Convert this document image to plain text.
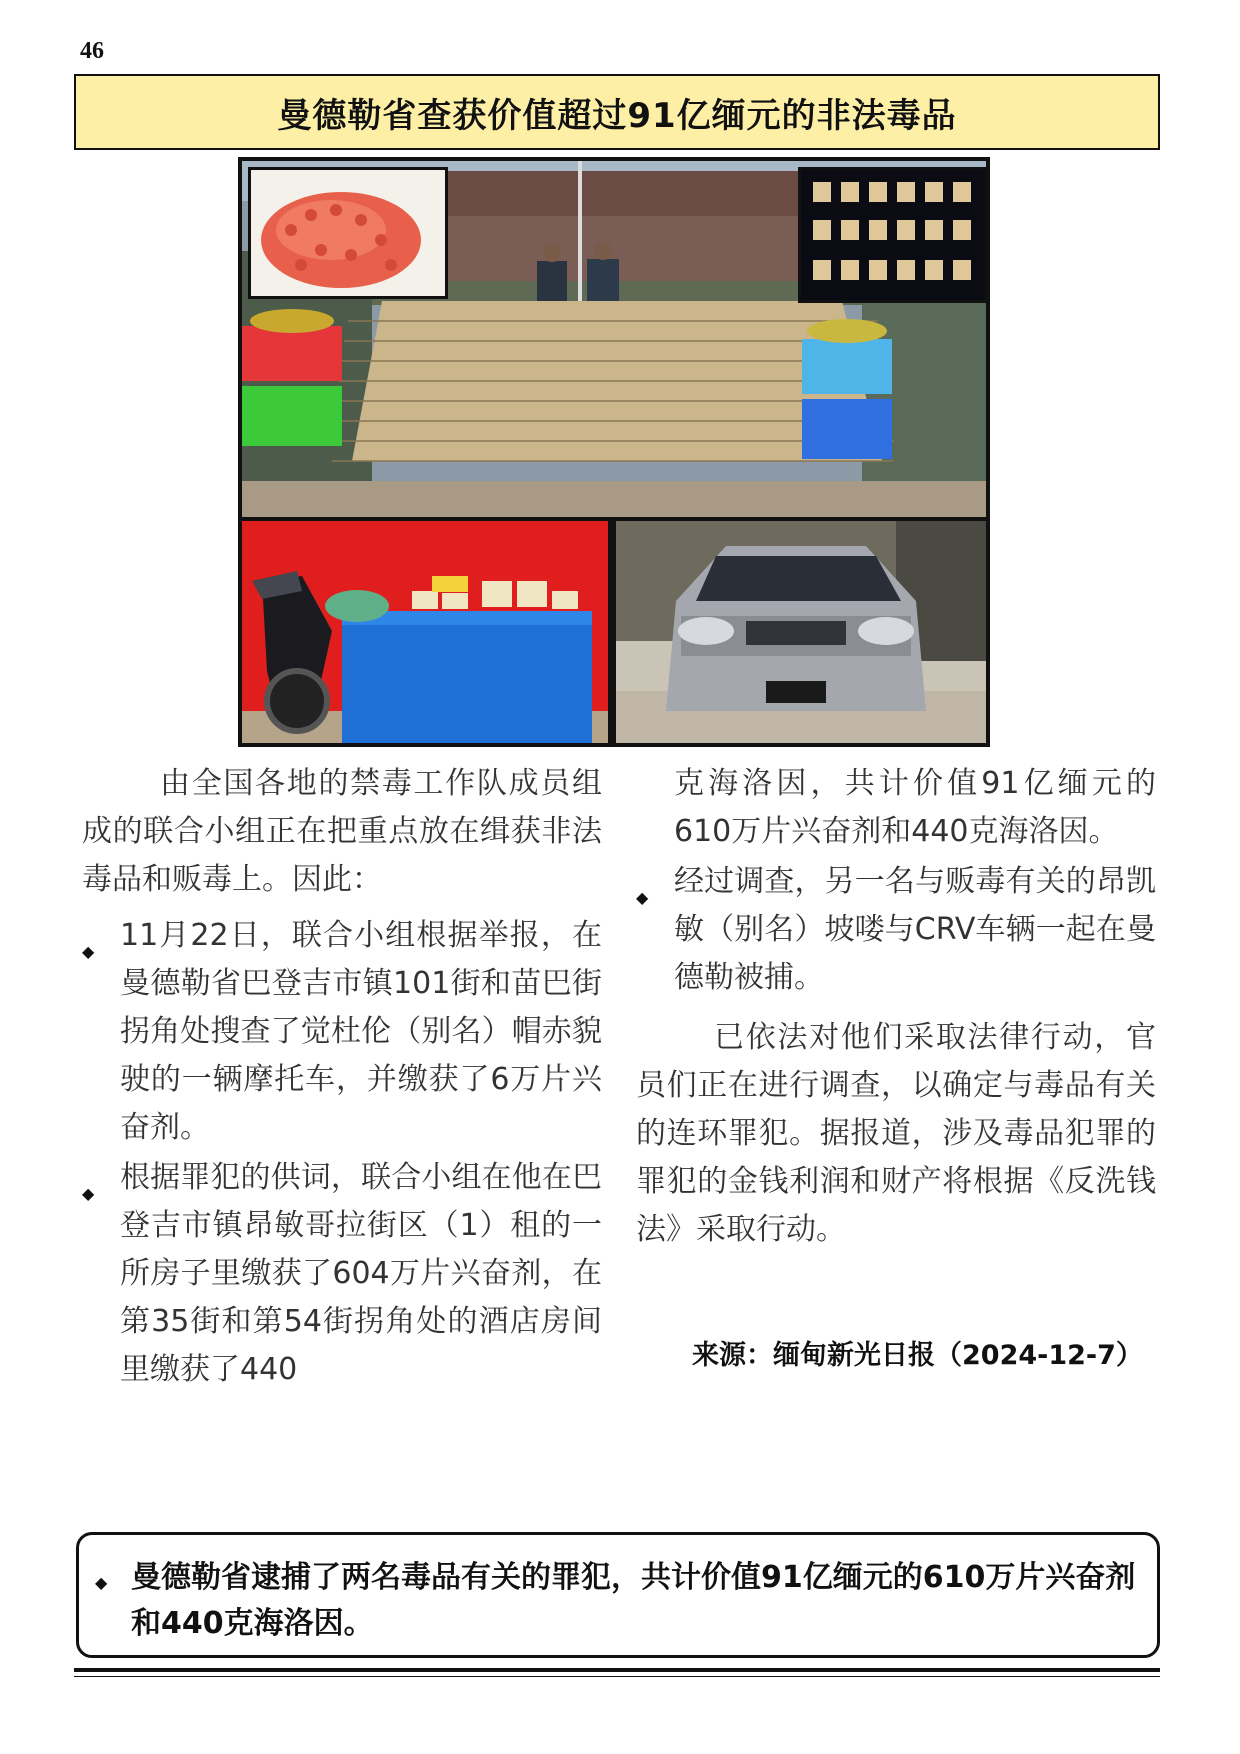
46
曼德勒省查获价值超过91亿缅元的非法毒品

由全国各地的禁毒工作队成员组成的联合小组正在把重点放在缉获非法毒品和贩毒上。因此：

◆ 11月22日，联合小组根据举报，在曼德勒省巴登吉市镇101街和苗巴街拐角处搜查了觉杜伦（别名）帽赤貌驶的一辆摩托车，并缴获了6万片兴奋剂。
◆ 根据罪犯的供词，联合小组在他在巴登吉市镇昂敏哥拉街区（1）租的一所房子里缴获了604万片兴奋剂，在第35街和第54街拐角处的酒店房间里缴获了440
克海洛因，共计价值91亿缅元的610万片兴奋剂和440克海洛因。
◆ 经过调查，另一名与贩毒有关的昂凯敏（别名）坡喽与CRV车辆一起在曼德勒被捕。

已依法对他们采取法律行动，官员们正在进行调查，以确定与毒品有关的连环罪犯。据报道，涉及毒品犯罪的罪犯的金钱利润和财产将根据《反洗钱法》采取行动。

来源：缅甸新光日报（2024-12-7）
◆ 曼德勒省逮捕了两名毒品有关的罪犯，共计价值91亿缅元的610万片兴奋剂和440克海洛因。
